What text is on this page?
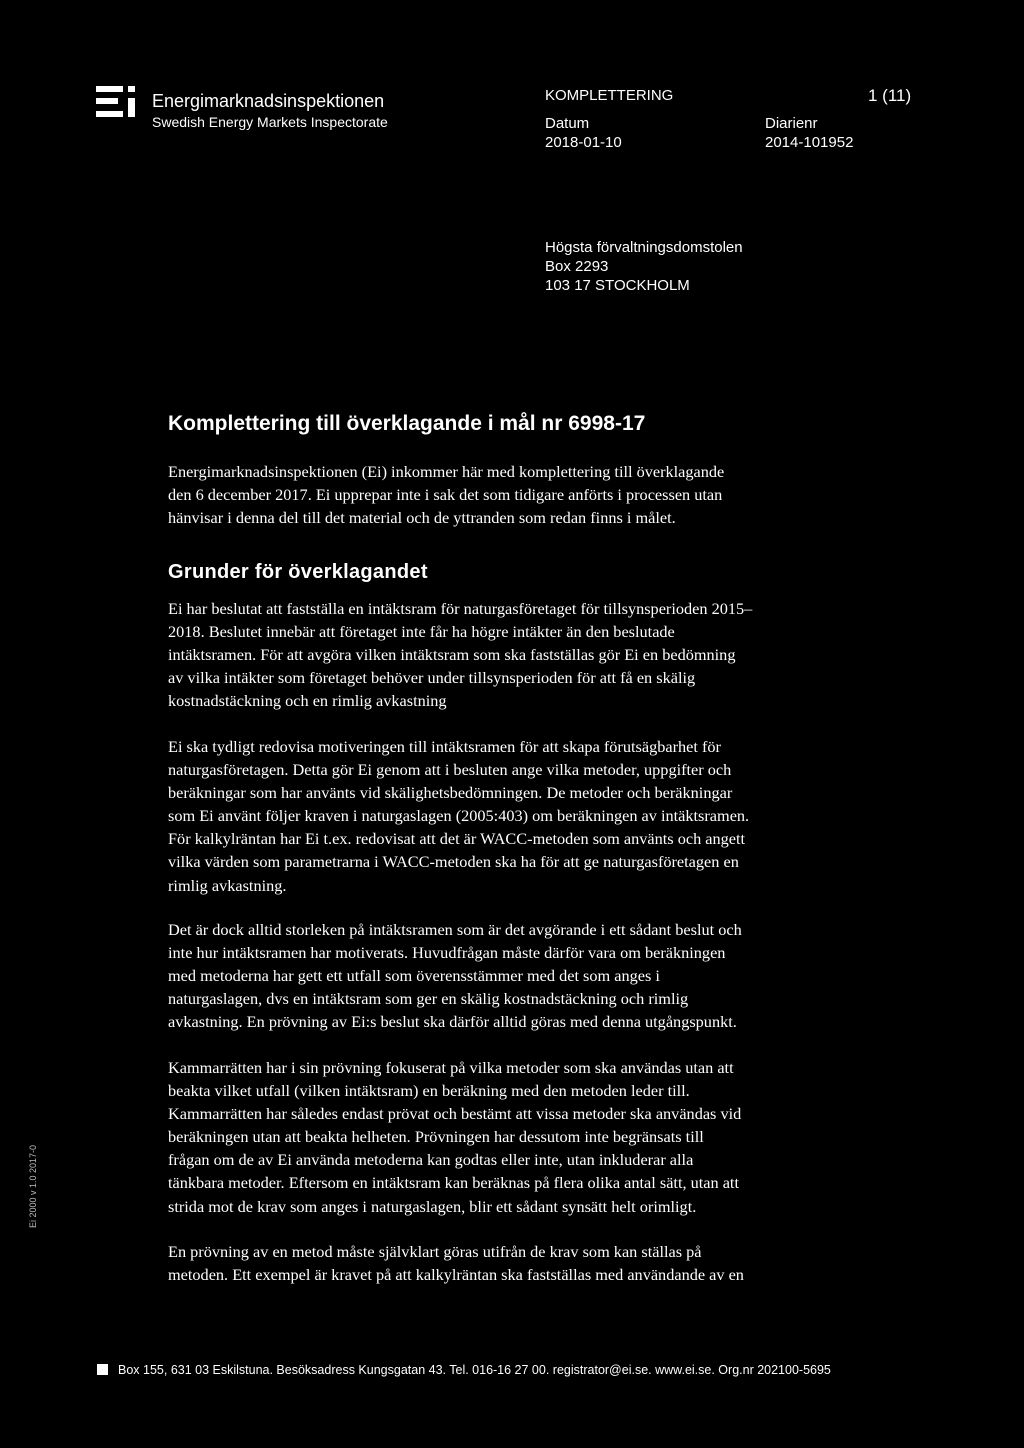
Energimarknadsinspektionen
Swedish Energy Markets Inspectorate
KOMPLETTERING	1 (11)
Datum
2018-01-10
Diarienr
2014-101952
Högsta förvaltningsdomstolen
Box 2293
103 17 STOCKHOLM
Komplettering till överklagande i mål nr 6998-17

Energimarknadsinspektionen (Ei) inkommer här med komplettering till överklagande
den 6 december 2017. Ei upprepar inte i sak det som tidigare anförts i processen utan
hänvisar i denna del till det material och de yttranden som redan finns i målet.

Grunder för överklagandet

Ei har beslutat att fastställa en intäktsram för naturgasföretaget för tillsynsperioden 2015–
2018. Beslutet innebär att företaget inte får ha högre intäkter än den beslutade
intäktsramen. För att avgöra vilken intäktsram som ska fastställas gör Ei en bedömning
av vilka intäkter som företaget behöver under tillsynsperioden för att få en skälig
kostnadstäckning och en rimlig avkastning

Ei ska tydligt redovisa motiveringen till intäktsramen för att skapa förutsägbarhet för
naturgasföretagen. Detta gör Ei genom att i besluten ange vilka metoder, uppgifter och
beräkningar som har använts vid skälighetsbedömningen. De metoder och beräkningar
som Ei använt följer kraven i naturgaslagen (2005:403) om beräkningen av intäktsramen.
För kalkylräntan har Ei t.ex. redovisat att det är WACC-metoden som använts och angett
vilka värden som parametrarna i WACC-metoden ska ha för att ge naturgasföretagen en
rimlig avkastning.

Det är dock alltid storleken på intäktsramen som är det avgörande i ett sådant beslut och
inte hur intäktsramen har motiverats. Huvudfrågan måste därför vara om beräkningen
med metoderna har gett ett utfall som överensstämmer med det som anges i
naturgaslagen, dvs en intäktsram som ger en skälig kostnadstäckning och rimlig
avkastning. En prövning av Ei:s beslut ska därför alltid göras med denna utgångspunkt.

Kammarrätten har i sin prövning fokuserat på vilka metoder som ska användas utan att
beakta vilket utfall (vilken intäktsram) en beräkning med den metoden leder till.
Kammarrätten har således endast prövat och bestämt att vissa metoder ska användas vid
beräkningen utan att beakta helheten. Prövningen har dessutom inte begränsats till
frågan om de av Ei använda metoderna kan godtas eller inte, utan inkluderar alla
tänkbara metoder. Eftersom en intäktsram kan beräknas på flera olika antal sätt, utan att
strida mot de krav som anges i naturgaslagen, blir ett sådant synsätt helt orimligt.

En prövning av en metod måste självklart göras utifrån de krav som kan ställas på
metoden. Ett exempel är kravet på att kalkylräntan ska fastställas med användande av en

Ei 2000 v 1.0 2017-0
Box 155, 631 03 Eskilstuna. Besöksadress Kungsgatan 43. Tel. 016-16 27 00. registrator@ei.se. www.ei.se. Org.nr 202100-5695
